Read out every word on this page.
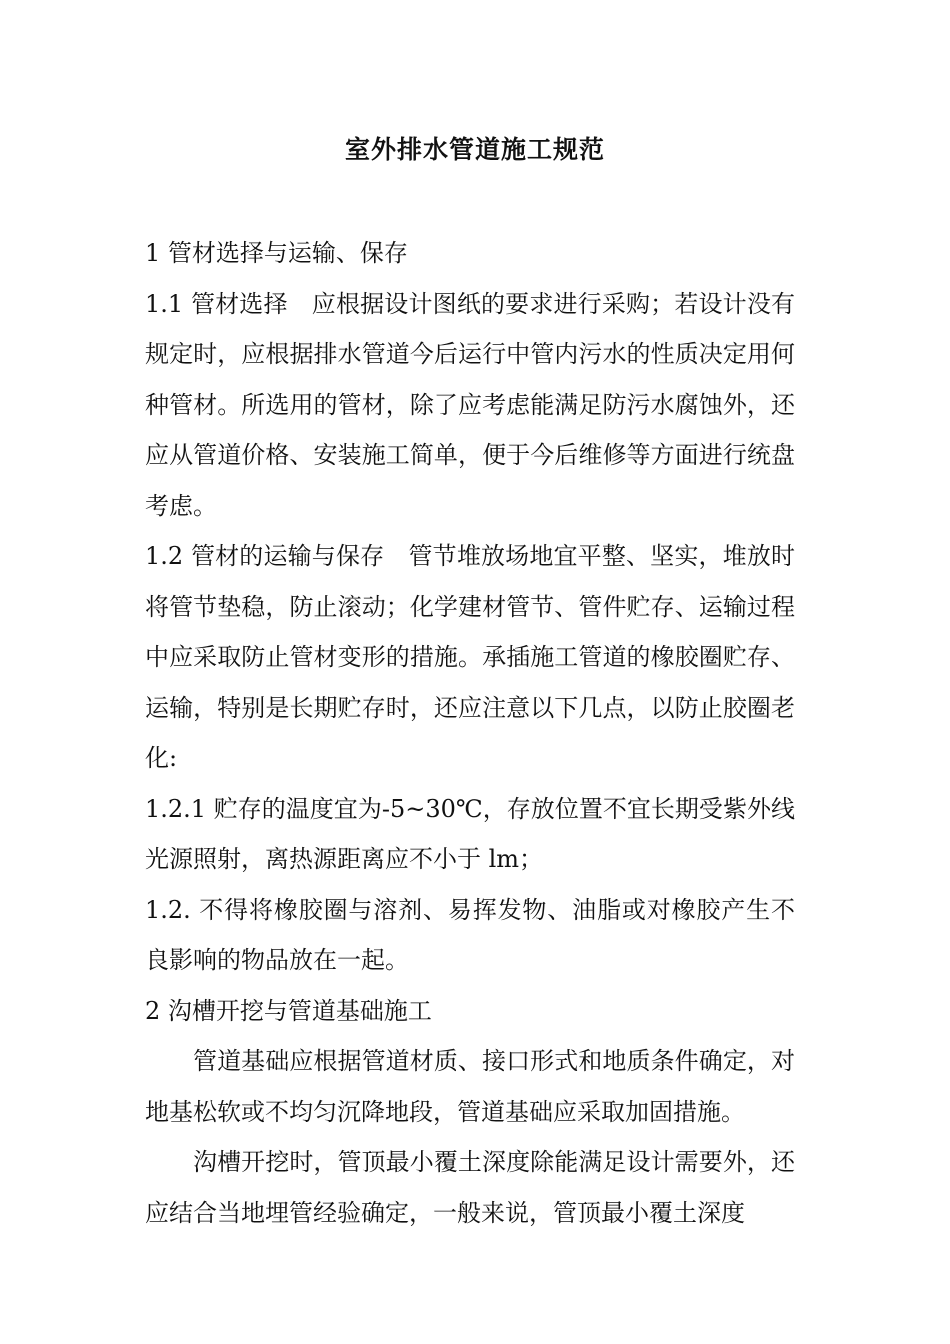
室外排水管道施工规范

1 管材选择与运输、保存

1.1 管材选择　应根据设计图纸的要求进行采购；若设计没有规定时，应根据排水管道今后运行中管内污水的性质决定用何种管材。所选用的管材，除了应考虑能满足防污水腐蚀外，还应从管道价格、安装施工简单，便于今后维修等方面进行统盘考虑。

1.2 管材的运输与保存　管节堆放场地宜平整、坚实，堆放时将管节垫稳，防止滚动；化学建材管节、管件贮存、运输过程中应采取防止管材变形的措施。承插施工管道的橡胶圈贮存、运输，特别是长期贮存时，还应注意以下几点，以防止胶圈老化:

1.2.1 贮存的温度宜为-5~30℃，存放位置不宜长期受紫外线光源照射，离热源距离应不小于 lm；

1.2. 不得将橡胶圈与溶剂、易挥发物、油脂或对橡胶产生不良影响的物品放在一起。

2 沟槽开挖与管道基础施工

管道基础应根据管道材质、接口形式和地质条件确定，对地基松软或不均匀沉降地段，管道基础应采取加固措施。

沟槽开挖时，管顶最小覆土深度除能满足设计需要外，还应结合当地埋管经验确定，一般来说，管顶最小覆土深度
